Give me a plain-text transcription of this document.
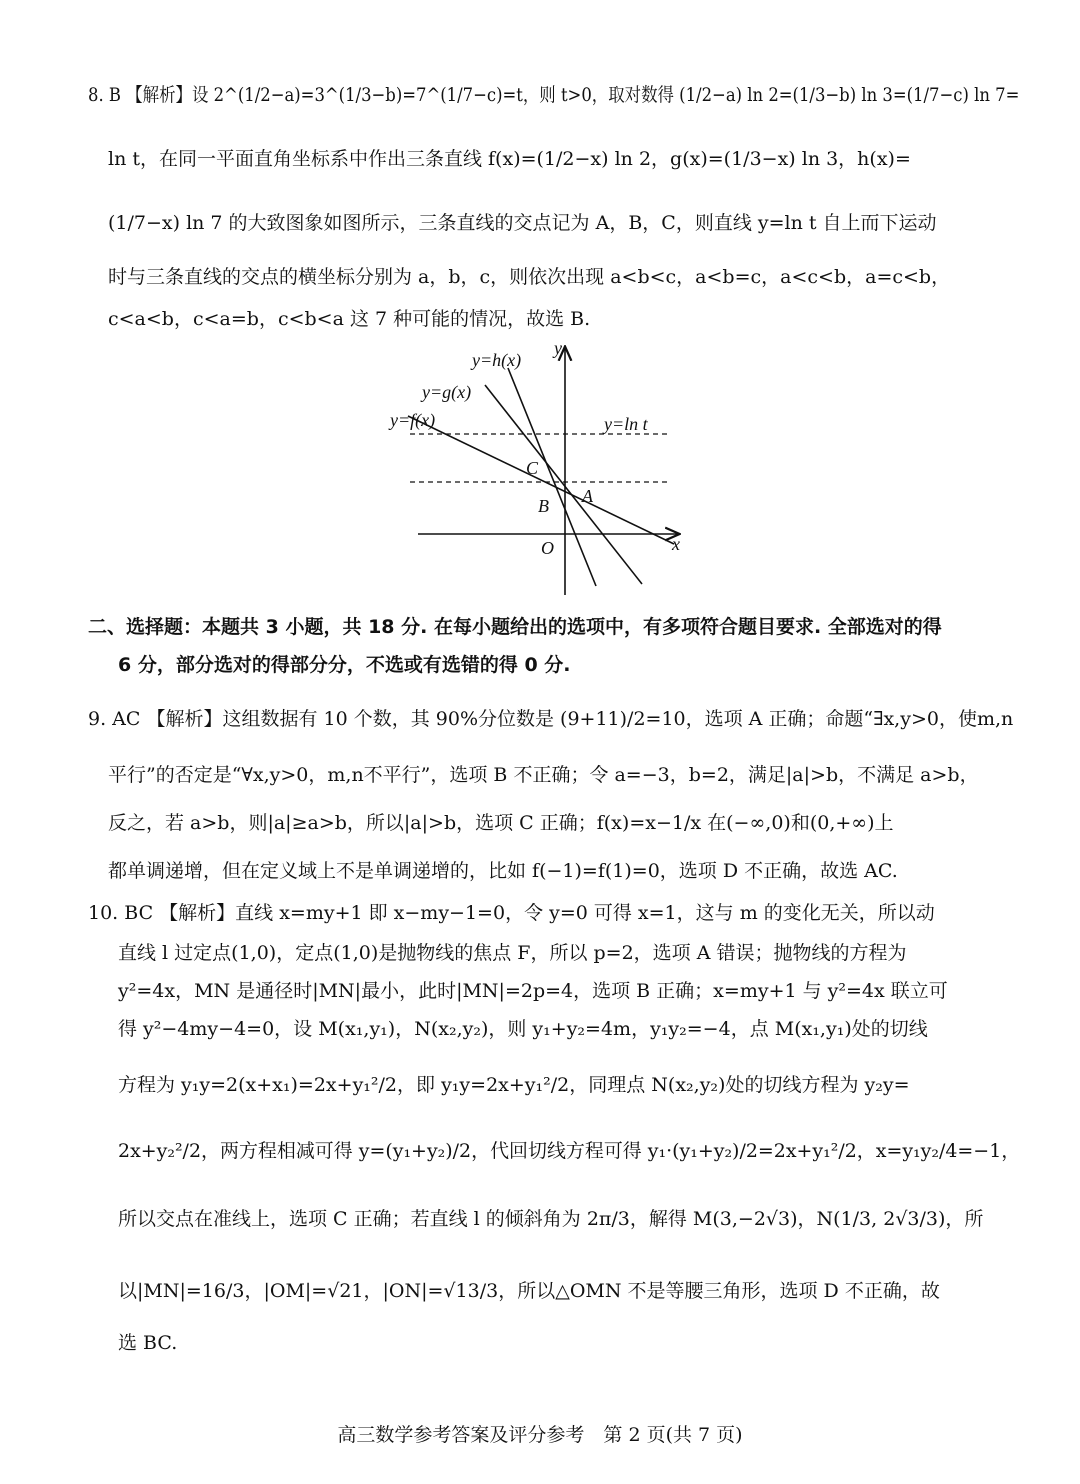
8. B 【解析】设 2^(1/2−a)=3^(1/3−b)=7^(1/7−c)=t，则 t>0，取对数得 (1/2−a) ln 2=(1/3−b) ln 3=(1/7−c) ln 7=
ln t，在同一平面直角坐标系中作出三条直线 f(x)=(1/2−x) ln 2，g(x)=(1/3−x) ln 3，h(x)=
(1/7−x) ln 7 的大致图象如图所示，三条直线的交点记为 A，B，C，则直线 y=ln t 自上而下运动
时与三条直线的交点的横坐标分别为 a，b，c，则依次出现 a<b<c，a<b=c，a<c<b，a=c<b，
c<a<b，c<a=b，c<b<a 这 7 种可能的情况，故选 B.
y=h(x)
y
y=g(x)
y=f(x)	y=ln t
C
A
B
O	x
二、选择题：本题共 3 小题，共 18 分. 在每小题给出的选项中，有多项符合题目要求. 全部选对的得
6 分，部分选对的得部分分，不选或有选错的得 0 分.
9. AC 【解析】这组数据有 10 个数，其 90%分位数是 (9+11)/2=10，选项 A 正确；命题“∃x,y>0，使m,n
平行”的否定是“∀x,y>0，m,n不平行”，选项 B 不正确；令 a=−3，b=2，满足|a|>b，不满足 a>b，
反之，若 a>b，则|a|≥a>b，所以|a|>b，选项 C 正确；f(x)=x−1/x 在(−∞,0)和(0,+∞)上
都单调递增，但在定义域上不是单调递增的，比如 f(−1)=f(1)=0，选项 D 不正确，故选 AC.
10. BC 【解析】直线 x=my+1 即 x−my−1=0，令 y=0 可得 x=1，这与 m 的变化无关，所以动
直线 l 过定点(1,0)，定点(1,0)是抛物线的焦点 F，所以 p=2，选项 A 错误；抛物线的方程为
y²=4x，MN 是通径时|MN|最小，此时|MN|=2p=4，选项 B 正确；x=my+1 与 y²=4x 联立可
得 y²−4my−4=0，设 M(x₁,y₁)，N(x₂,y₂)，则 y₁+y₂=4m，y₁y₂=−4，点 M(x₁,y₁)处的切线
方程为 y₁y=2(x+x₁)=2x+y₁²/2，即 y₁y=2x+y₁²/2，同理点 N(x₂,y₂)处的切线方程为 y₂y=
2x+y₂²/2，两方程相减可得 y=(y₁+y₂)/2，代回切线方程可得 y₁·(y₁+y₂)/2=2x+y₁²/2，x=y₁y₂/4=−1，
所以交点在准线上，选项 C 正确；若直线 l 的倾斜角为 2π/3，解得 M(3,−2√3)，N(1/3, 2√3/3)，所
以|MN|=16/3，|OM|=√21，|ON|=√13/3，所以△OMN 不是等腰三角形，选项 D 不正确，故
选 BC.
高三数学参考答案及评分参考　第 2 页(共 7 页)
